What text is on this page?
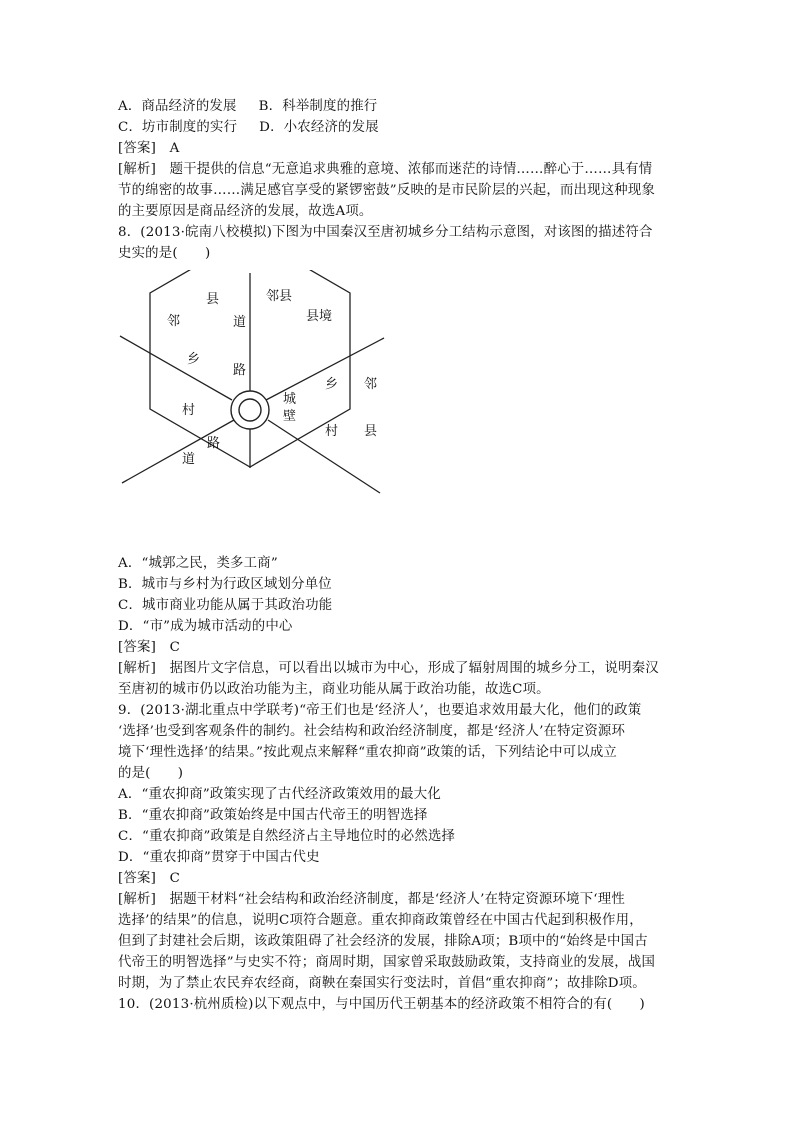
A．商品经济的发展 B．科举制度的推行
C．坊市制度的实行 D．小农经济的发展
[答案]　A
[解析]　题干提供的信息“无意追求典雅的意境、浓郁而迷茫的诗情……醉心于……具有情
节的绵密的故事……满足感官享受的紧锣密鼓”反映的是市民阶层的兴起，而出现这种现象
的主要原因是商品经济的发展，故选A项。
8．(2013·皖南八校模拟)下图为中国秦汉至唐初城乡分工结构示意图，对该图的描述符合
史实的是(　　)
邻
县
道
邻县
县境
乡
路
乡 邻
村
城
壁
村 县
道
路
A．“城郭之民，类多工商”
B．城市与乡村为行政区域划分单位
C．城市商业功能从属于其政治功能
D．“市”成为城市活动的中心
[答案]　C
[解析]　据图片文字信息，可以看出以城市为中心，形成了辐射周围的城乡分工，说明秦汉
至唐初的城市仍以政治功能为主，商业功能从属于政治功能，故选C项。
9．(2013·湖北重点中学联考)“帝王们也是‘经济人’，也要追求效用最大化，他们的政策
‘选择’也受到客观条件的制约。社会结构和政治经济制度，都是‘经济人’在特定资源环
境下‘理性选择’的结果。”按此观点来解释“重农抑商”政策的话，下列结论中可以成立
的是(　　)
A．“重农抑商”政策实现了古代经济政策效用的最大化
B．“重农抑商”政策始终是中国古代帝王的明智选择
C．“重农抑商”政策是自然经济占主导地位时的必然选择
D．“重农抑商”贯穿于中国古代史
[答案]　C
[解析]　据题干材料“社会结构和政治经济制度，都是‘经济人’在特定资源环境下‘理性
选择’的结果”的信息，说明C项符合题意。重农抑商政策曾经在中国古代起到积极作用，
但到了封建社会后期，该政策阻碍了社会经济的发展，排除A项；B项中的“始终是中国古
代帝王的明智选择”与史实不符；商周时期，国家曾采取鼓励政策，支持商业的发展，战国
时期，为了禁止农民弃农经商，商鞅在秦国实行变法时，首倡“重农抑商”；故排除D项。
10．(2013·杭州质检)以下观点中，与中国历代王朝基本的经济政策不相符合的有(　　)
